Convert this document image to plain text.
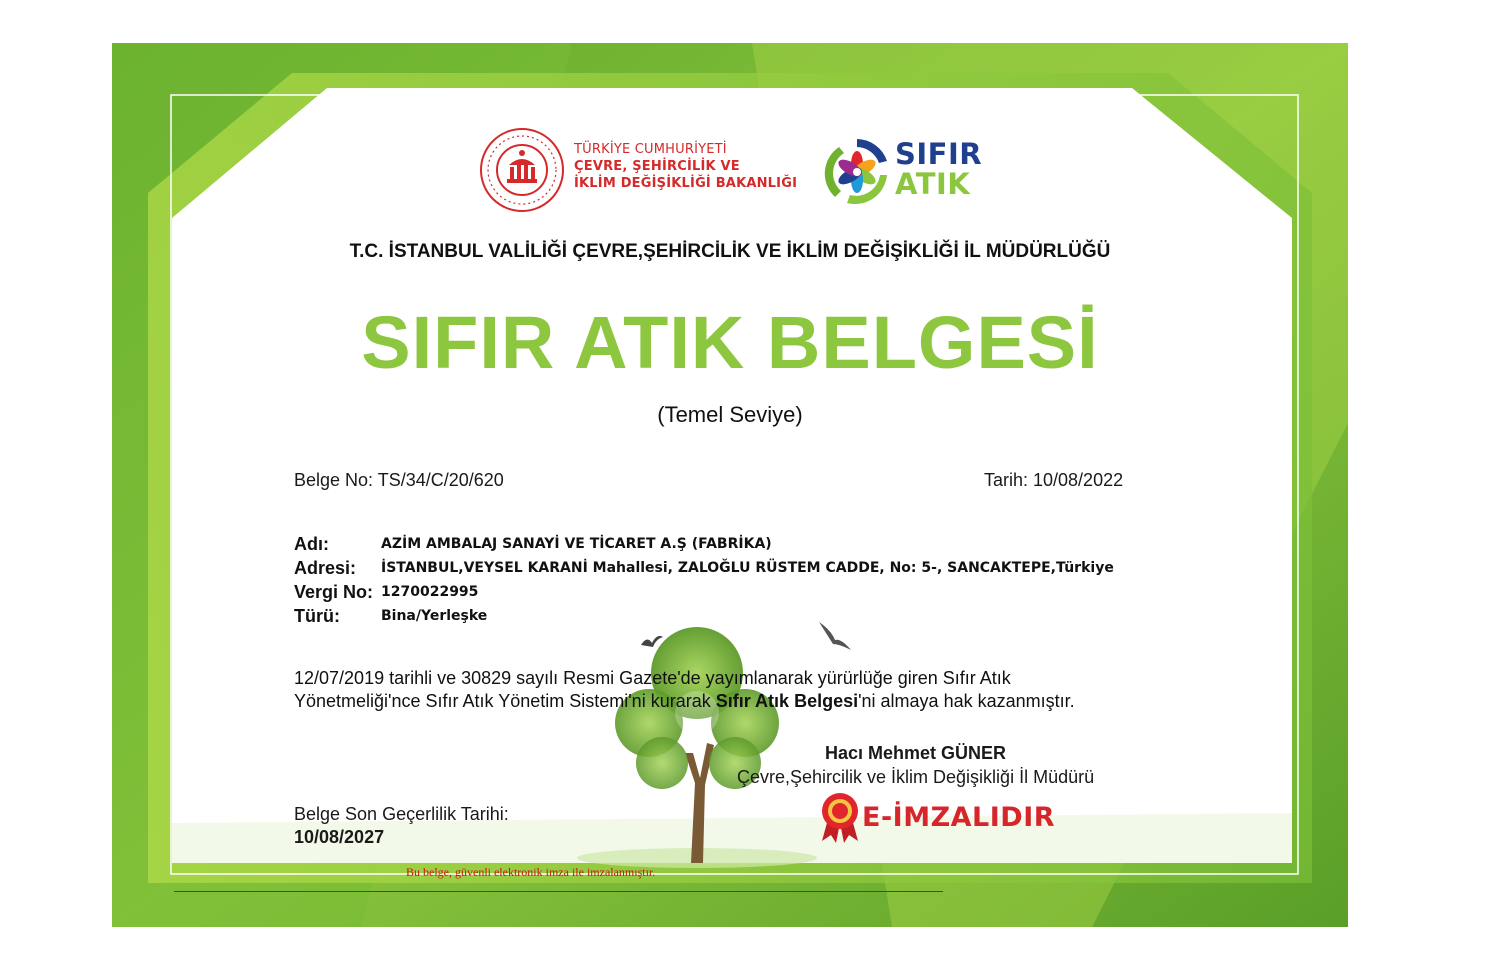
TÜRKİYE CUMHURİYETİ
ÇEVRE, ŞEHİRCİLİK VE
İKLİM DEĞİŞİKLİĞİ BAKANLIĞI
SIFIR
ATIK
T.C. İSTANBUL VALİLİĞİ ÇEVRE,ŞEHİRCİLİK VE İKLİM DEĞİŞİKLİĞİ İL MÜDÜRLÜĞÜ
SIFIR ATIK BELGESİ
(Temel Seviye)
Belge No: TS/34/C/20/620	Tarih: 10/08/2022
Adı:	AZİM AMBALAJ SANAYİ VE TİCARET A.Ş (FABRİKA)
Adresi: İSTANBUL,VEYSEL KARANİ Mahallesi, ZALOĞLU RÜSTEM CADDE, No: 5-, SANCAKTEPE,Türkiye
Vergi No: 1270022995
Türü:	Bina/Yerleşke
12/07/2019 tarihli ve 30829 sayılı Resmi Gazete'de yayımlanarak yürürlüğe giren Sıfır Atık
Yönetmeliği'nce Sıfır Atık Yönetim Sistemi'ni kurarak Sıfır Atık Belgesi'ni almaya hak kazanmıştır.
Hacı Mehmet GÜNER
Çevre,Şehircilik ve İklim Değişikliği İl Müdürü
Belge Son Geçerlilik Tarihi:
10/08/2027
E-İMZALIDIR
Bu belge, güvenli elektronik imza ile imzalanmıştır.
